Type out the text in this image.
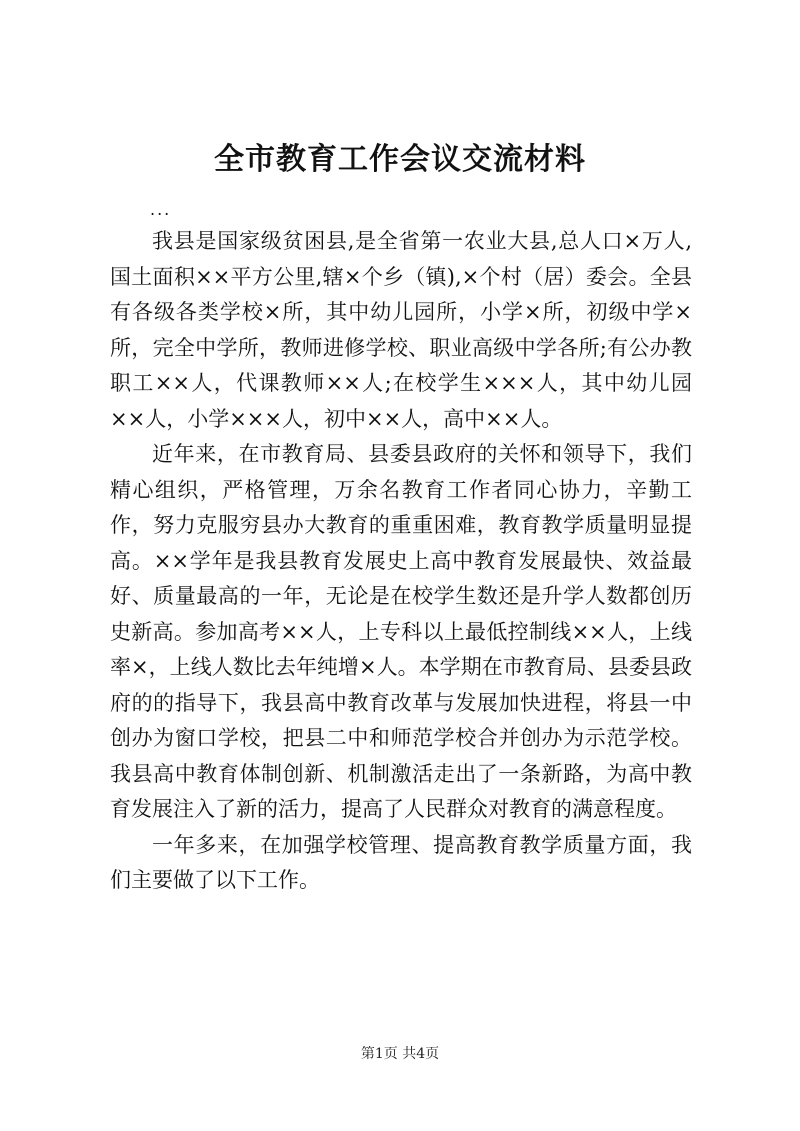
全市教育工作会议交流材料
...

我县是国家级贫困县,是全省第一农业大县,总人口×万人,国土面积××平方公里,辖×个乡（镇),×个村（居）委会。全县有各级各类学校×所，其中幼儿园所，小学×所，初级中学×所，完全中学所，教师进修学校、职业高级中学各所;有公办教职工××人，代课教师××人;在校学生×××人，其中幼儿园××人，小学×××人，初中××人，高中××人。

近年来，在市教育局、县委县政府的关怀和领导下，我们精心组织，严格管理，万余名教育工作者同心协力，辛勤工作，努力克服穷县办大教育的重重困难，教育教学质量明显提高。××学年是我县教育发展史上高中教育发展最快、效益最好、质量最高的一年，无论是在校学生数还是升学人数都创历史新高。参加高考××人，上专科以上最低控制线××人，上线率×，上线人数比去年纯增×人。本学期在市教育局、县委县政府的的指导下，我县高中教育改革与发展加快进程，将县一中创办为窗口学校，把县二中和师范学校合并创办为示范学校。我县高中教育体制创新、机制激活走出了一条新路，为高中教育发展注入了新的活力，提高了人民群众对教育的满意程度。

一年多来，在加强学校管理、提高教育教学质量方面，我们主要做了以下工作。

第1页 共4页
